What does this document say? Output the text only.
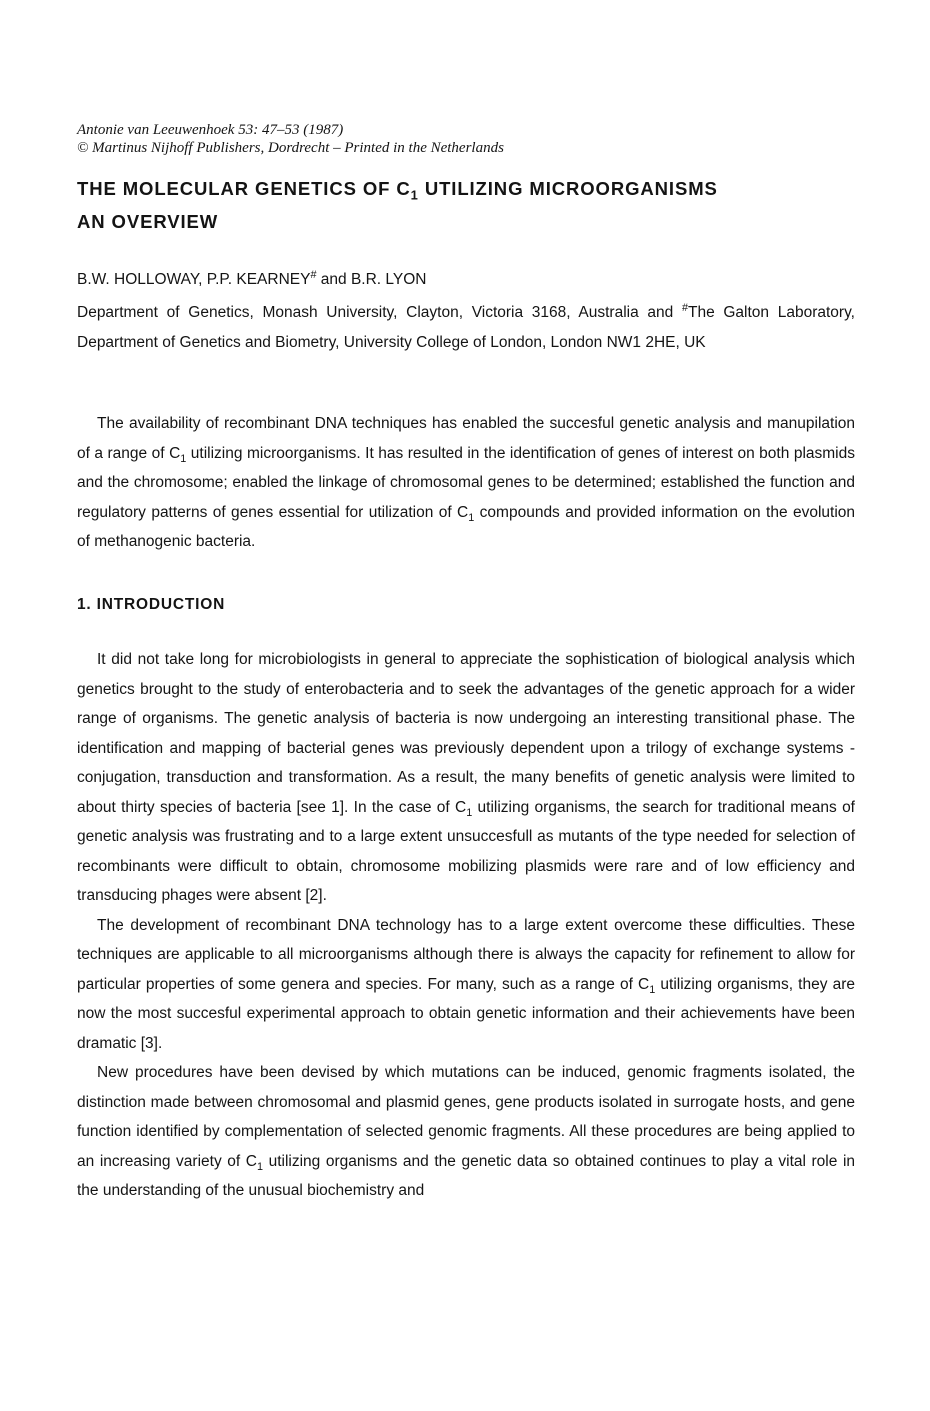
Antonie van Leeuwenhoek 53: 47–53 (1987)
© Martinus Nijhoff Publishers, Dordrecht – Printed in the Netherlands
THE MOLECULAR GENETICS OF $C_1$ UTILIZING MICROORGANISMS
AN OVERVIEW
B.W. HOLLOWAY, P.P. KEARNEY# and B.R. LYON

Department of Genetics, Monash University, Clayton, Victoria 3168, Australia and #The Galton Laboratory, Department of Genetics and Biometry, University College of London, London NW1 2HE, UK

The availability of recombinant DNA techniques has enabled the succesful genetic analysis and manupilation of a range of $C_1$ utilizing microorganisms. It has resulted in the identification of genes of interest on both plasmids and the chromosome; enabled the linkage of chromosomal genes to be determined; established the function and regulatory patterns of genes essential for utilization of $C_1$ compounds and provided information on the evolution of methanogenic bacteria.

1. INTRODUCTION

It did not take long for microbiologists in general to appreciate the sophistication of biological analysis which genetics brought to the study of enterobacteria and to seek the advantages of the genetic approach for a wider range of organisms. The genetic analysis of bacteria is now undergoing an interesting transitional phase. The identification and mapping of bacterial genes was previously dependent upon a trilogy of exchange systems - conjugation, transduction and transformation. As a result, the many benefits of genetic analysis were limited to about thirty species of bacteria [see 1]. In the case of $C_1$ utilizing organisms, the search for traditional means of genetic analysis was frustrating and to a large extent unsuccesfull as mutants of the type needed for selection of recombinants were difficult to obtain, chromosome mobilizing plasmids were rare and of low efficiency and transducing phages were absent [2].

The development of recombinant DNA technology has to a large extent overcome these difficulties. These techniques are applicable to all microorganisms although there is always the capacity for refinement to allow for particular properties of some genera and species. For many, such as a range of $C_1$ utilizing organisms, they are now the most succesful experimental approach to obtain genetic information and their achievements have been dramatic [3].

New procedures have been devised by which mutations can be induced, genomic fragments isolated, the distinction made between chromosomal and plasmid genes, gene products isolated in surrogate hosts, and gene function identified by complementation of selected genomic fragments. All these procedures are being applied to an increasing variety of $C_1$ utilizing organisms and the genetic data so obtained continues to play a vital role in the understanding of the unusual biochemistry and
